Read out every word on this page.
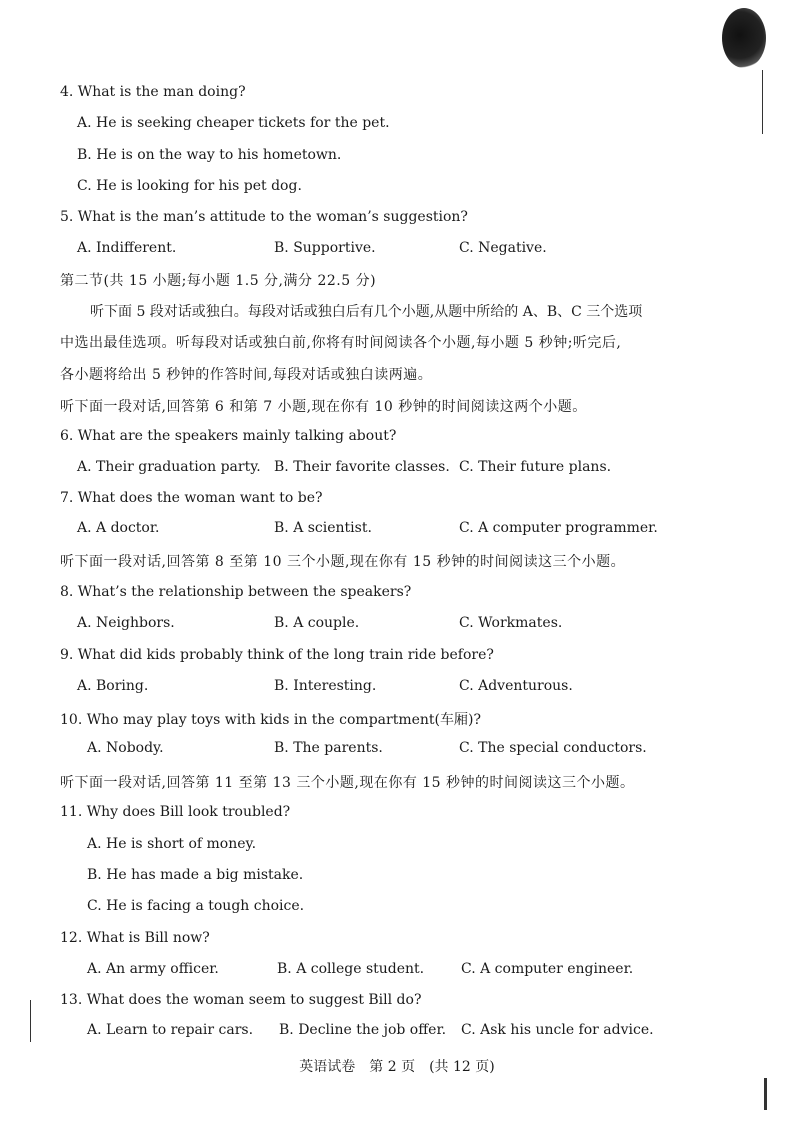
4. What is the man doing?
A. He is seeking cheaper tickets for the pet.
B. He is on the way to his hometown.
C. He is looking for his pet dog.
5. What is the man’s attitude to the woman’s suggestion?
A. Indifferent.	B. Supportive.	C. Negative.
第二节(共 15 小题;每小题 1.5 分,满分 22.5 分)
听下面 5 段对话或独白。每段对话或独白后有几个小题,从题中所给的 A、B、C 三个选项
中选出最佳选项。听每段对话或独白前,你将有时间阅读各个小题,每小题 5 秒钟;听完后,
各小题将给出 5 秒钟的作答时间,每段对话或独白读两遍。
听下面一段对话,回答第 6 和第 7 小题,现在你有 10 秒钟的时间阅读这两个小题。
6. What are the speakers mainly talking about?
A. Their graduation party. B. Their favorite classes. C. Their future plans.
7. What does the woman want to be?
A. A doctor.	B. A scientist.	C. A computer programmer.
听下面一段对话,回答第 8 至第 10 三个小题,现在你有 15 秒钟的时间阅读这三个小题。
8. What’s the relationship between the speakers?
A. Neighbors.	B. A couple.	C. Workmates.
9. What did kids probably think of the long train ride before?
A. Boring.	B. Interesting.	C. Adventurous.
10. Who may play toys with kids in the compartment(车厢)?
A. Nobody.	B. The parents.	C. The special conductors.
听下面一段对话,回答第 11 至第 13 三个小题,现在你有 15 秒钟的时间阅读这三个小题。
11. Why does Bill look troubled?
A. He is short of money.
B. He has made a big mistake.
C. He is facing a tough choice.
12. What is Bill now?
A. An army officer.	B. A college student.	C. A computer engineer.
13. What does the woman seem to suggest Bill do?
A. Learn to repair cars. B. Decline the job offer. C. Ask his uncle for advice.
英语试卷　第 2 页　(共 12 页)
